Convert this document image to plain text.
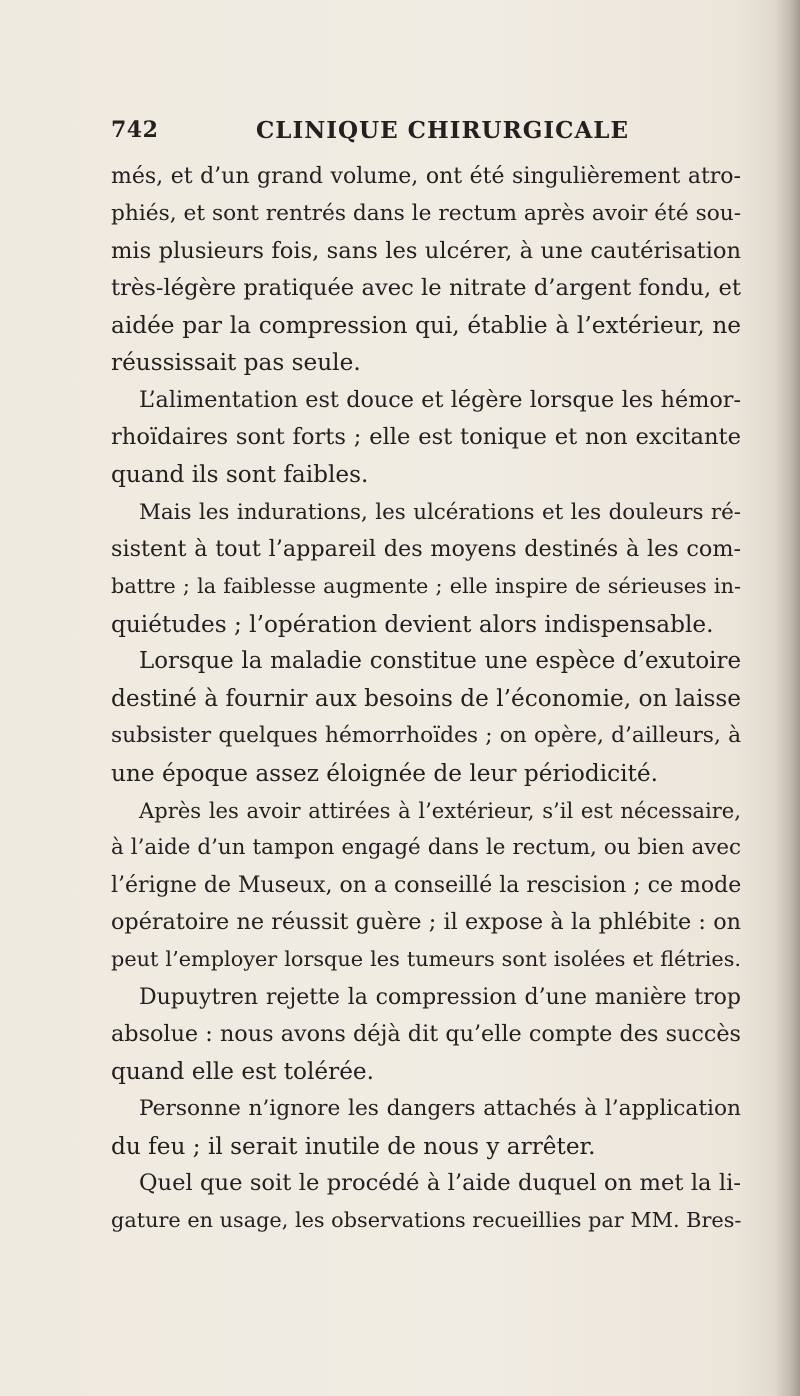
742	CLINIQUE CHIRURGICALE
més, et d’un grand volume, ont été singulièrement atro-
phiés, et sont rentrés dans le rectum après avoir été sou-
mis plusieurs fois, sans les ulcérer, à une cautérisation
très-légère pratiquée avec le nitrate d’argent fondu, et
aidée par la compression qui, établie à l’extérieur, ne
réussissait pas seule.
L’alimentation est douce et légère lorsque les hémor-
rhoïdaires sont forts ; elle est tonique et non excitante
quand ils sont faibles.
Mais les indurations, les ulcérations et les douleurs ré-
sistent à tout l’appareil des moyens destinés à les com-
battre ; la faiblesse augmente ; elle inspire de sérieuses in-
quiétudes ; l’opération devient alors indispensable.
Lorsque la maladie constitue une espèce d’exutoire
destiné à fournir aux besoins de l’économie, on laisse
subsister quelques hémorrhoïdes ; on opère, d’ailleurs, à
une époque assez éloignée de leur périodicité.
Après les avoir attirées à l’extérieur, s’il est nécessaire,
à l’aide d’un tampon engagé dans le rectum, ou bien avec
l’érigne de Museux, on a conseillé la rescision ; ce mode
opératoire ne réussit guère ; il expose à la phlébite : on
peut l’employer lorsque les tumeurs sont isolées et flétries.
Dupuytren rejette la compression d’une manière trop
absolue : nous avons déjà dit qu’elle compte des succès
quand elle est tolérée.
Personne n’ignore les dangers attachés à l’application
du feu ; il serait inutile de nous y arrêter.
Quel que soit le procédé à l’aide duquel on met la li-
gature en usage, les observations recueillies par MM. Bres-
